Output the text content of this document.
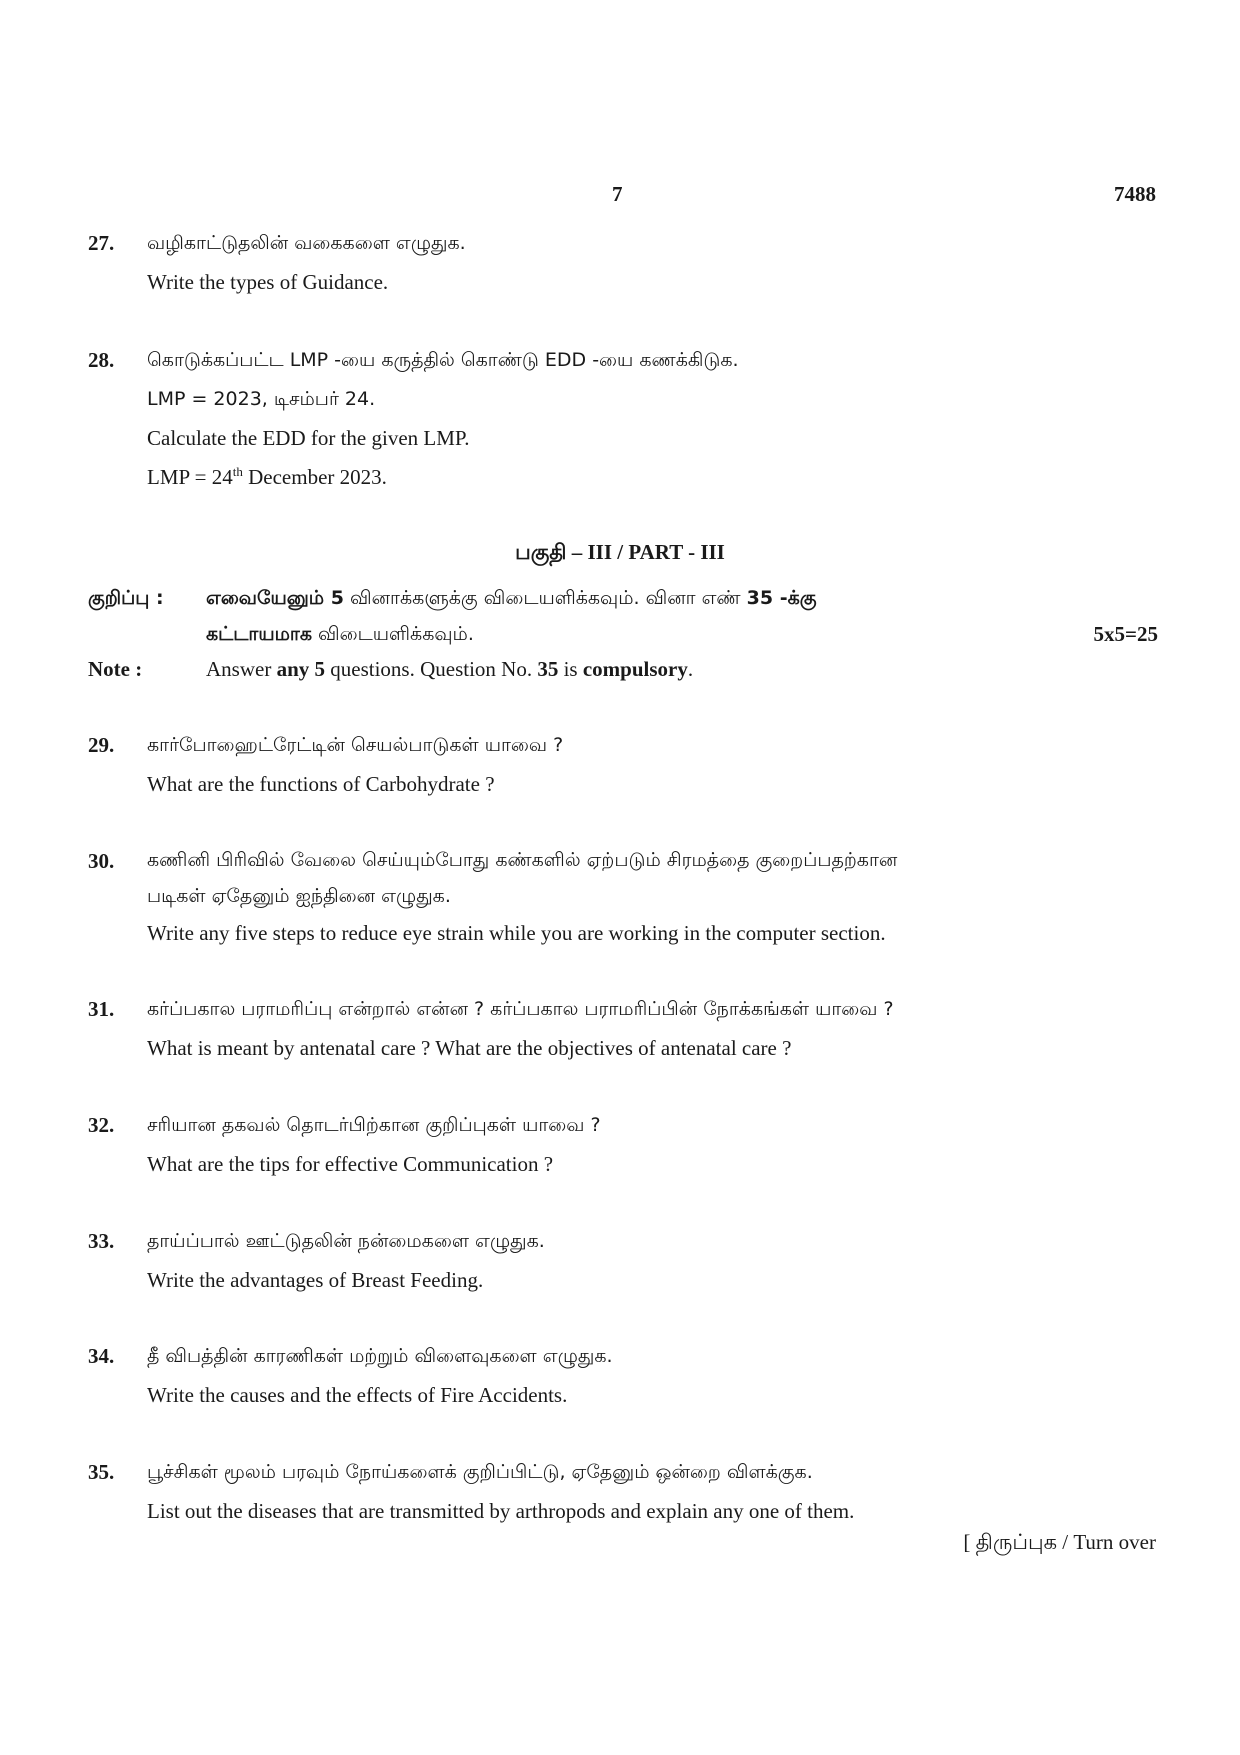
7	7488
27. வழிகாட்டுதலின் வகைகளை எழுதுக.
Write the types of Guidance.
28. கொடுக்கப்பட்ட LMP -யை கருத்தில் கொண்டு EDD -யை கணக்கிடுக.
LMP = 2023, டிசம்பர் 24.
Calculate the EDD for the given LMP.
LMP = 24th December 2023.
பகுதி – III / PART - III
குறிப்பு : எவையேனும் 5 வினாக்களுக்கு விடையளிக்கவும். வினா எண் 35 -க்கு
கட்டாயமாக விடையளிக்கவும்.	5x5=25
Note :	Answer any 5 questions. Question No. 35 is compulsory.
29. கார்போஹைட்ரேட்டின் செயல்பாடுகள் யாவை ?
What are the functions of Carbohydrate ?
30. கணினி பிரிவில் வேலை செய்யும்போது கண்களில் ஏற்படும் சிரமத்தை குறைப்பதற்கான
படிகள் ஏதேனும் ஐந்தினை எழுதுக.
Write any five steps to reduce eye strain while you are working in the computer section.
31. கர்ப்பகால பராமரிப்பு என்றால் என்ன ? கர்ப்பகால பராமரிப்பின் நோக்கங்கள் யாவை ?
What is meant by antenatal care ? What are the objectives of antenatal care ?
32. சரியான தகவல் தொடர்பிற்கான குறிப்புகள் யாவை ?
What are the tips for effective Communication ?
33. தாய்ப்பால் ஊட்டுதலின் நன்மைகளை எழுதுக.
Write the advantages of Breast Feeding.
34. தீ விபத்தின் காரணிகள் மற்றும் விளைவுகளை எழுதுக.
Write the causes and the effects of Fire Accidents.
35. பூச்சிகள் மூலம் பரவும் நோய்களைக் குறிப்பிட்டு, ஏதேனும் ஒன்றை விளக்குக.
List out the diseases that are transmitted by arthropods and explain any one of them.
[ திருப்புக / Turn over
